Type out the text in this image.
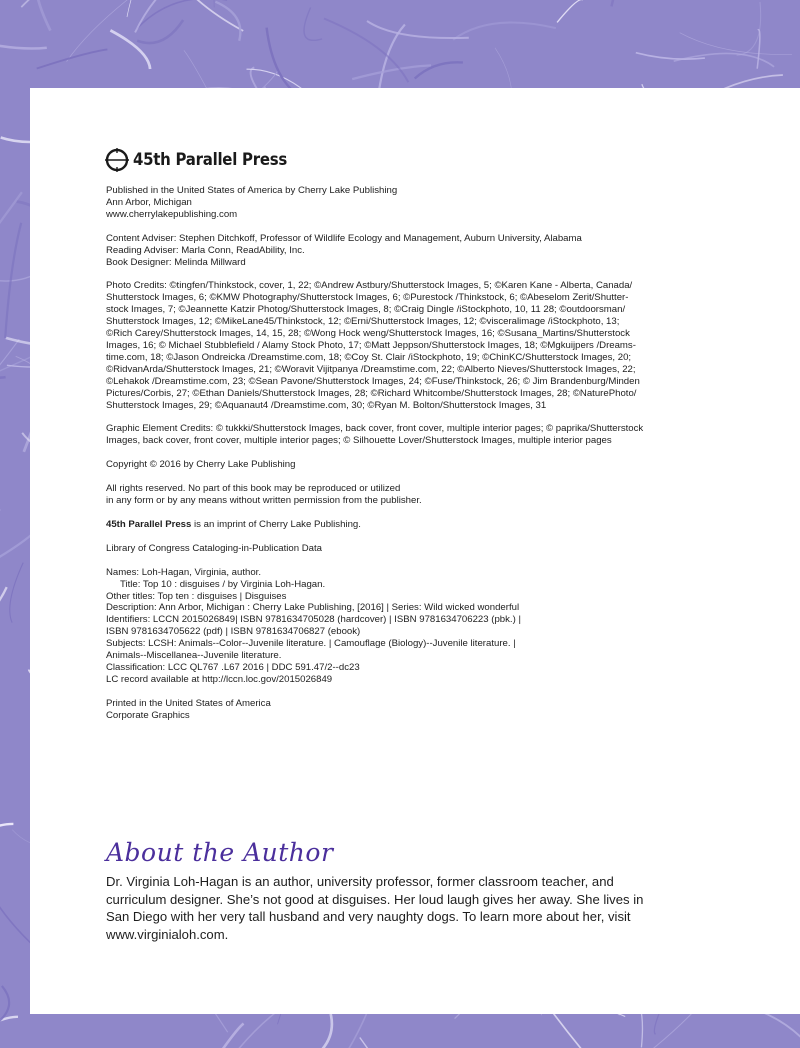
45th Parallel Press

Published in the United States of America by Cherry Lake Publishing
Ann Arbor, Michigan
www.cherrylakepublishing.com

Content Adviser: Stephen Ditchkoff, Professor of Wildlife Ecology and Management, Auburn University, Alabama
Reading Adviser: Marla Conn, ReadAbility, Inc.
Book Designer: Melinda Millward

Photo Credits: ©tingfen/Thinkstock, cover, 1, 22; ©Andrew Astbury/Shutterstock Images, 5; ©Karen Kane - Alberta, Canada/
Shutterstock Images, 6; ©KMW Photography/Shutterstock Images, 6; ©Purestock /Thinkstock, 6; ©Abeselom Zerit/Shutter-
stock Images, 7; ©Jeannette Katzir Photog/Shutterstock Images, 8; ©Craig Dingle /iStockphoto, 10, 11 28; ©outdoorsman/
Shutterstock Images, 12; ©MikeLane45/Thinkstock, 12; ©Erni/Shutterstock Images, 12; ©visceralimage /iStockphoto, 13;
©Rich Carey/Shutterstock Images, 14, 15, 28; ©Wong Hock weng/Shutterstock Images, 16; ©Susana_Martins/Shutterstock
Images, 16; © Michael Stubblefield / Alamy Stock Photo, 17; ©Matt Jeppson/Shutterstock Images, 18; ©Mgkuijpers /Dreams-
time.com, 18; ©Jason Ondreicka /Dreamstime.com, 18; ©Coy St. Clair /iStockphoto, 19; ©ChinKC/Shutterstock Images, 20;
©RidvanArda/Shutterstock Images, 21; ©Woravit Vijitpanya /Dreamstime.com, 22; ©Alberto Nieves/Shutterstock Images, 22;
©Lehakok /Dreamstime.com, 23; ©Sean Pavone/Shutterstock Images, 24; ©Fuse/Thinkstock, 26; © Jim Brandenburg/Minden
Pictures/Corbis, 27; ©Ethan Daniels/Shutterstock Images, 28; ©Richard Whitcombe/Shutterstock Images, 28; ©NaturePhoto/
Shutterstock Images, 29; ©Aquanaut4 /Dreamstime.com, 30; ©Ryan M. Bolton/Shutterstock Images, 31

Graphic Element Credits: © tukkki/Shutterstock Images, back cover, front cover, multiple interior pages; © paprika/Shutterstock
Images, back cover, front cover, multiple interior pages; © Silhouette Lover/Shutterstock Images, multiple interior pages

Copyright © 2016 by Cherry Lake Publishing

All rights reserved. No part of this book may be reproduced or utilized
in any form or by any means without written permission from the publisher.

45th Parallel Press is an imprint of Cherry Lake Publishing.

Library of Congress Cataloging-in-Publication Data

Names: Loh-Hagan, Virginia, author.
Title: Top 10 : disguises / by Virginia Loh-Hagan.
Other titles: Top ten : disguises | Disguises
Description: Ann Arbor, Michigan : Cherry Lake Publishing, [2016] | Series: Wild wicked wonderful
Identifiers: LCCN 2015026849| ISBN 9781634705028 (hardcover) | ISBN 9781634706223 (pbk.) |
ISBN 9781634705622 (pdf) | ISBN 9781634706827 (ebook)
Subjects: LCSH: Animals--Color--Juvenile literature. | Camouflage (Biology)--Juvenile literature. |
Animals--Miscellanea--Juvenile literature.
Classification: LCC QL767 .L67 2016 | DDC 591.47/2--dc23
LC record available at http://lccn.loc.gov/2015026849

Printed in the United States of America
Corporate Graphics

About the Author
Dr. Virginia Loh-Hagan is an author, university professor, former classroom teacher, and
curriculum designer. She’s not good at disguises. Her loud laugh gives her away. She lives in
San Diego with her very tall husband and very naughty dogs. To learn more about her, visit
www.virginialoh.com.
